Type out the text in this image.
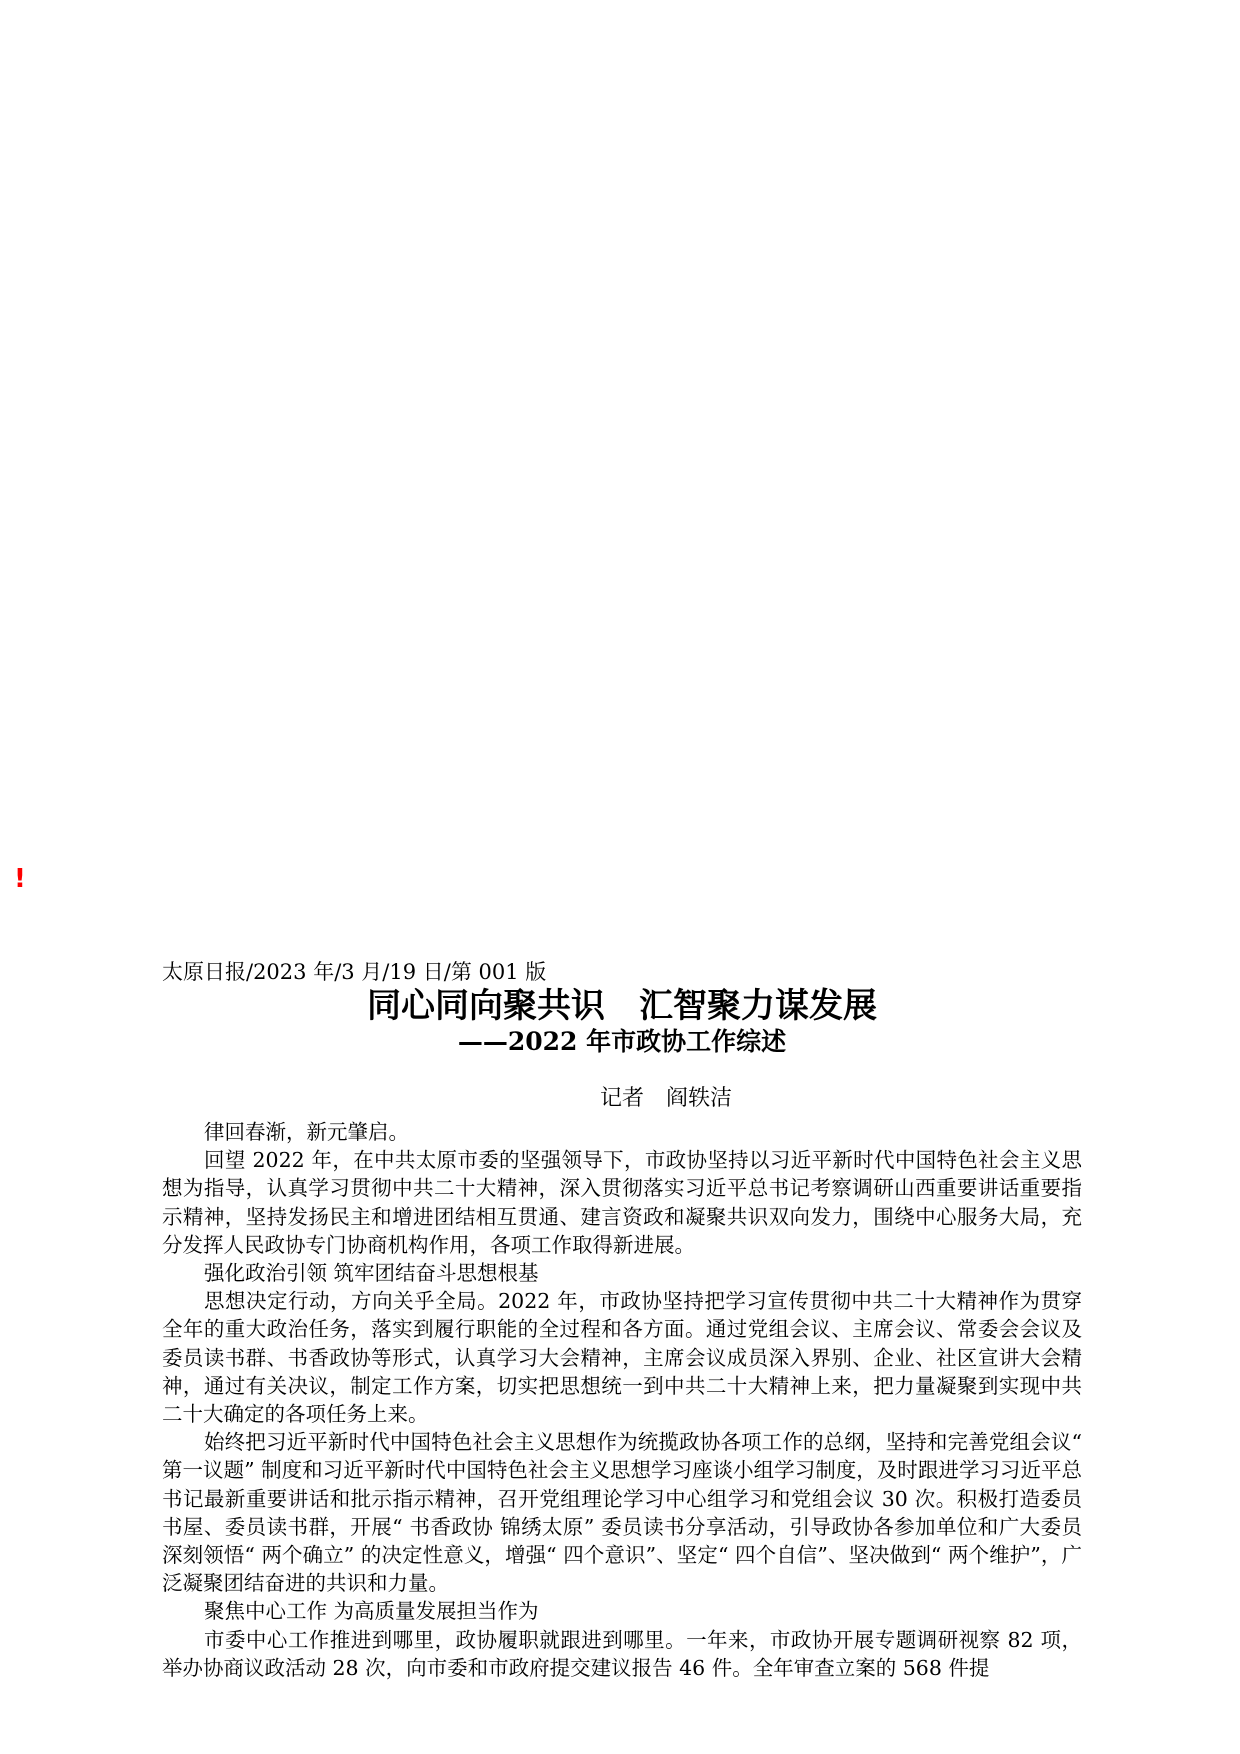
!

太原日报/2023 年/3 月/19 日/第 001 版

同心同向聚共识　汇智聚力谋发展
——2022 年市政协工作综述

记者　阎轶洁

律回春渐，新元肇启。

回望 2022 年，在中共太原市委的坚强领导下，市政协坚持以习近平新时代中国特色社会主义思想为指导，认真学习贯彻中共二十大精神，深入贯彻落实习近平总书记考察调研山西重要讲话重要指示精神，坚持发扬民主和增进团结相互贯通、建言资政和凝聚共识双向发力，围绕中心服务大局，充分发挥人民政协专门协商机构作用，各项工作取得新进展。

强化政治引领 筑牢团结奋斗思想根基

思想决定行动，方向关乎全局。2022 年，市政协坚持把学习宣传贯彻中共二十大精神作为贯穿全年的重大政治任务，落实到履行职能的全过程和各方面。通过党组会议、主席会议、常委会会议及委员读书群、书香政协等形式，认真学习大会精神，主席会议成员深入界别、企业、社区宣讲大会精神，通过有关决议，制定工作方案，切实把思想统一到中共二十大精神上来，把力量凝聚到实现中共二十大确定的各项任务上来。

始终把习近平新时代中国特色社会主义思想作为统揽政协各项工作的总纲，坚持和完善党组会议“ 第一议题” 制度和习近平新时代中国特色社会主义思想学习座谈小组学习制度，及时跟进学习习近平总书记最新重要讲话和批示指示精神，召开党组理论学习中心组学习和党组会议 30 次。积极打造委员书屋、委员读书群，开展“ 书香政协 锦绣太原” 委员读书分享活动，引导政协各参加单位和广大委员深刻领悟“ 两个确立” 的决定性意义，增强“ 四个意识”、坚定“ 四个自信”、坚决做到“ 两个维护”，广泛凝聚团结奋进的共识和力量。

聚焦中心工作 为高质量发展担当作为

市委中心工作推进到哪里，政协履职就跟进到哪里。一年来，市政协开展专题调研视察 82 项，举办协商议政活动 28 次，向市委和市政府提交建议报告 46 件。全年审查立案的 568 件提
